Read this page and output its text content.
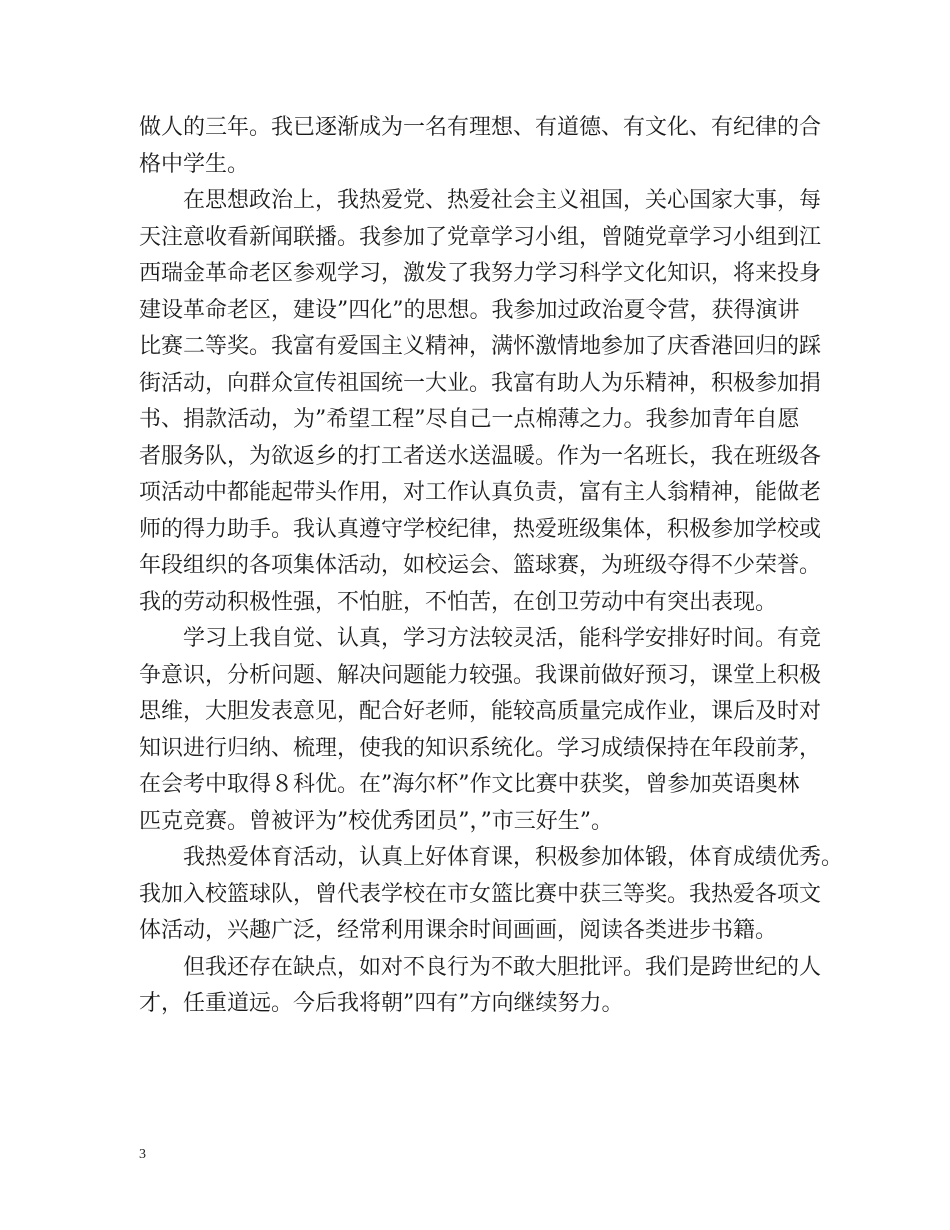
做人的三年。我已逐渐成为一名有理想、有道德、有文化、有纪律的合
格中学生。
在思想政治上，我热爱党、热爱社会主义祖国，关心国家大事，每
天注意收看新闻联播。我参加了党章学习小组，曾随党章学习小组到江
西瑞金革命老区参观学习，激发了我努力学习科学文化知识，将来投身
建设革命老区，建设”四化”的思想。我参加过政治夏令营，获得演讲
比赛二等奖。我富有爱国主义精神，满怀激情地参加了庆香港回归的踩
街活动，向群众宣传祖国统一大业。我富有助人为乐精神，积极参加捐
书、捐款活动，为”希望工程”尽自己一点棉薄之力。我参加青年自愿
者服务队，为欲返乡的打工者送水送温暖。作为一名班长，我在班级各
项活动中都能起带头作用，对工作认真负责，富有主人翁精神，能做老
师的得力助手。我认真遵守学校纪律，热爱班级集体，积极参加学校或
年段组织的各项集体活动，如校运会、篮球赛，为班级夺得不少荣誉。
我的劳动积极性强，不怕脏，不怕苦，在创卫劳动中有突出表现。
学习上我自觉、认真，学习方法较灵活，能科学安排好时间。有竞
争意识，分析问题、解决问题能力较强。我课前做好预习，课堂上积极
思维，大胆发表意见，配合好老师，能较高质量完成作业，课后及时对
知识进行归纳、梳理，使我的知识系统化。学习成绩保持在年段前茅，
在会考中取得８科优。在”海尔杯”作文比赛中获奖，曾参加英语奥林
匹克竞赛。曾被评为”校优秀团员”，”市三好生”。
我热爱体育活动，认真上好体育课，积极参加体锻，体育成绩优秀。
我加入校篮球队，曾代表学校在市女篮比赛中获三等奖。我热爱各项文
体活动，兴趣广泛，经常利用课余时间画画，阅读各类进步书籍。
但我还存在缺点，如对不良行为不敢大胆批评。我们是跨世纪的人
才，任重道远。今后我将朝”四有”方向继续努力。
3
